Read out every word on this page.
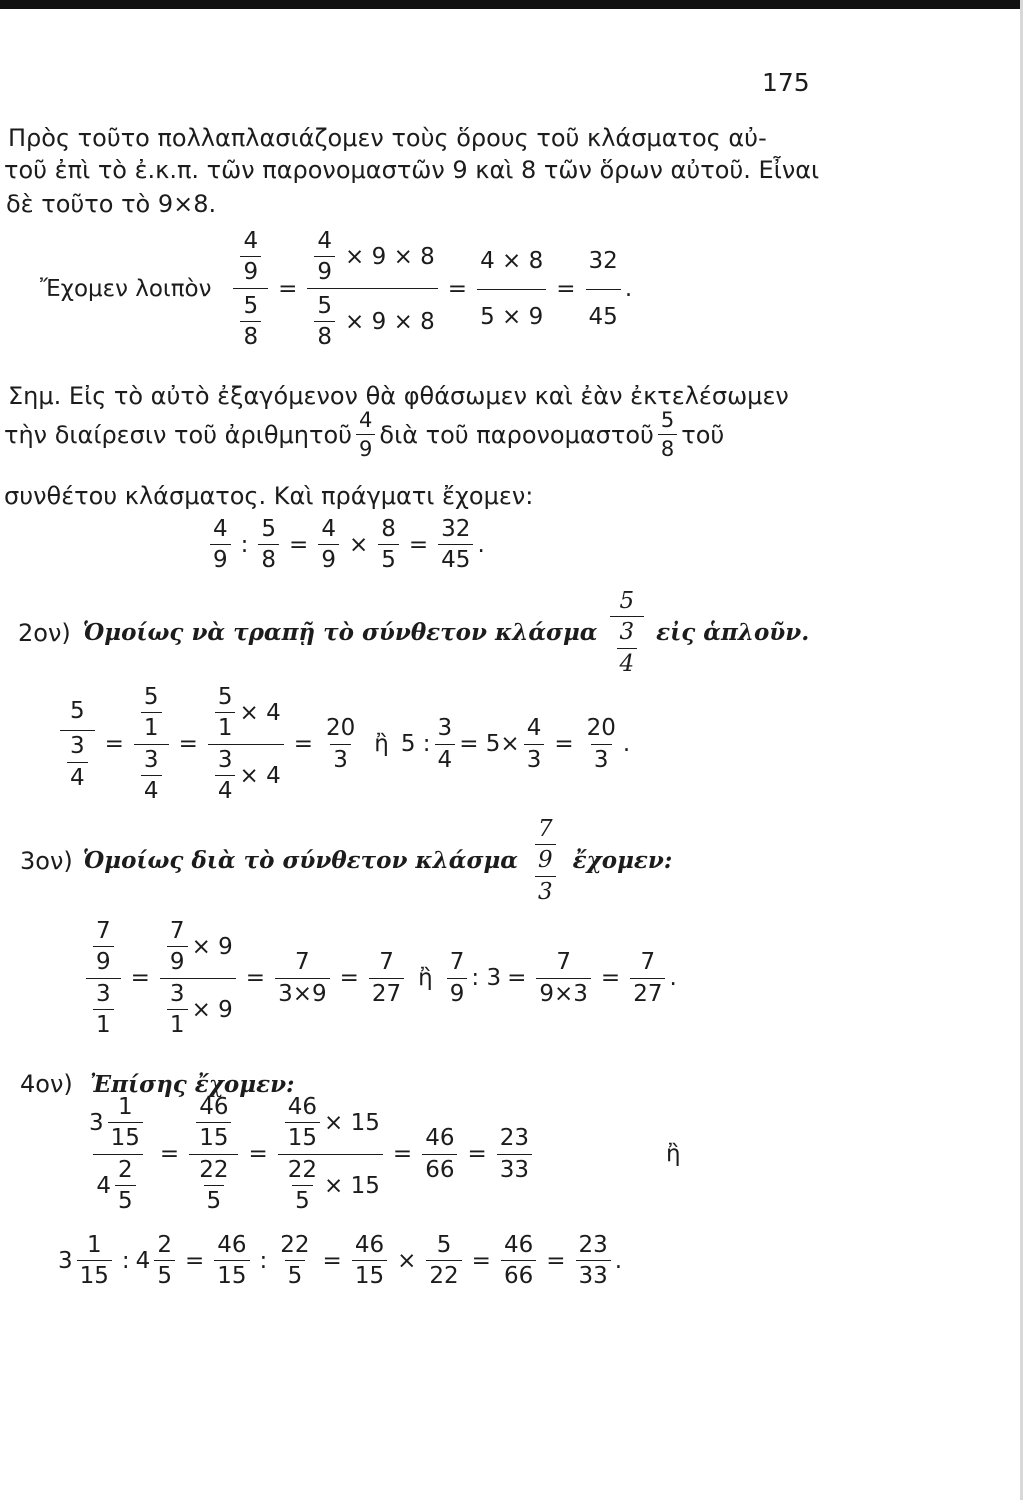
175
Πρὸς τοῦτο πολλαπλασιάζομεν τοὺς ὅρους τοῦ κλάσματος αὐ-
τοῦ ἐπὶ τὸ ἐ.κ.π. τῶν παρονομαστῶν 9 καὶ 8 τῶν ὅρων αὐτοῦ. Εἶναι
δὲ τοῦτο τὸ 9×8.
Ἔχομεν λοιπὸν $\frac{\frac{4}{9}}{\frac{5}{8}} = \frac{\frac{4}{9} \times 9 \times 8}{\frac{5}{8} \times 9 \times 8} = \frac{4 \times 8}{5 \times 9} = \frac{32}{45}$ .
Σημ. Εἰς τὸ αὐτὸ ἐξαγόμενον θὰ φθάσωμεν καὶ ἐὰν ἐκτελέσωμεν
τὴν διαίρεσιν τοῦ ἀριθμητοῦ
4
9
διὰ τοῦ παρονομαστοῦ
5
8
τοῦ
συνθέτου κλάσματος. Καὶ πράγματι ἔχομεν:
4
9
: $\frac{5}{8} = \frac{4}{9} \times \frac{8}{5} = \frac{32}{45}$ .
2ον) Ὁμοίως νὰ τραπῇ τὸ σύνθετον κλάσμα
5
$\frac{3}{4}$ εἰς ἁπλοῦν.
$\frac{5}{\frac{3}{4}} = \frac{\frac{5}{1}}{\frac{3}{4}} = \frac{\frac{5}{1} \times 4}{\frac{3}{4} \times 4} = \frac{20}{3}$ ἢ 5 : $\frac{3}{4} = 5\times \frac{4}{3} = \frac{20}{3}$ .
3ον) Ὁμοίως διὰ τὸ σύνθετον κλάσμα $\frac{7}{9}$
3
ἔχομεν:
$\frac{\frac{7}{9}}{\frac{3}{1}} = \frac{\frac{7}{9} \times 9}{\frac{3}{1} \times 9} = \frac{7}{3\times 9} = \frac{7}{27}$ ἢ
7
9
: $3 = \frac{7}{9\times 3} = \frac{7}{27}$ .
4ον) Ἐπίσης ἔχομεν:
3
1
15
4
2
$5 = \frac{\frac{46}{15}}{\frac{22}{5}} = \frac{\frac{46}{15} \times 15}{\frac{22}{5} \times 15} = \frac{46}{66} = \frac{23}{33}$	ἢ
3
1
15
: 4
2
5
= $\frac{46}{15}$ : $\frac{22}{5} = \frac{46}{15} \times \frac{5}{22} = \frac{46}{66} = \frac{23}{33}$ .
